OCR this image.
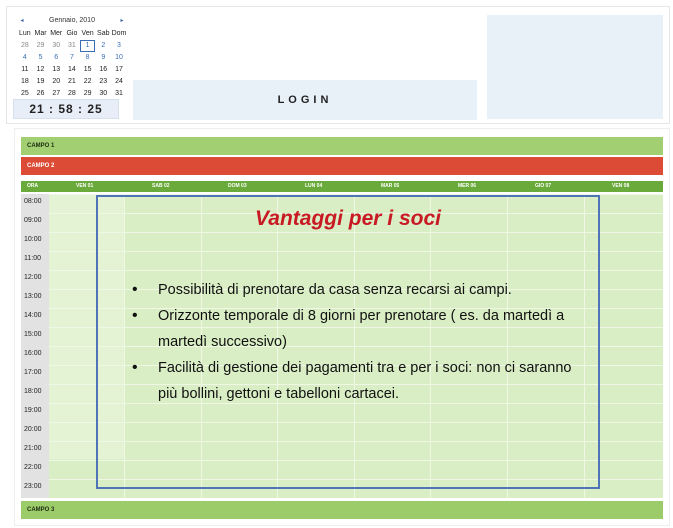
◂	Gennaio, 2010	▸
Lun Mar Mer Gio Ven Sab Dom
28	29	30	31	1	2	3
4	5	6	7	8	9	10
11	12	13	14	15	16	17
18	19	20	21	22	23	24
25	26	27	28	29	30	31
21 : 58 : 25
LOGIN
CAMPO 1
CAMPO 2
ORA	VEN 01	SAB 02	DOM 03	LUN 04	MAR 05	MER 06	GIO 07	VEN 08
08:00
09:00
10:00
11:00
12:00
13:00
14:00
15:00
16:00
17:00
18:00
19:00
20:00
21:00
22:00
23:00
CAMPO 3
Vantaggi per i soci
• Possibilità di prenotare da casa senza recarsi ai campi.
• Orizzonte temporale di 8 giorni per prenotare ( es. da martedì a martedì successivo)
• Facilità di gestione dei pagamenti tra e per i soci: non ci saranno più bollini, gettoni e tabelloni cartacei.
